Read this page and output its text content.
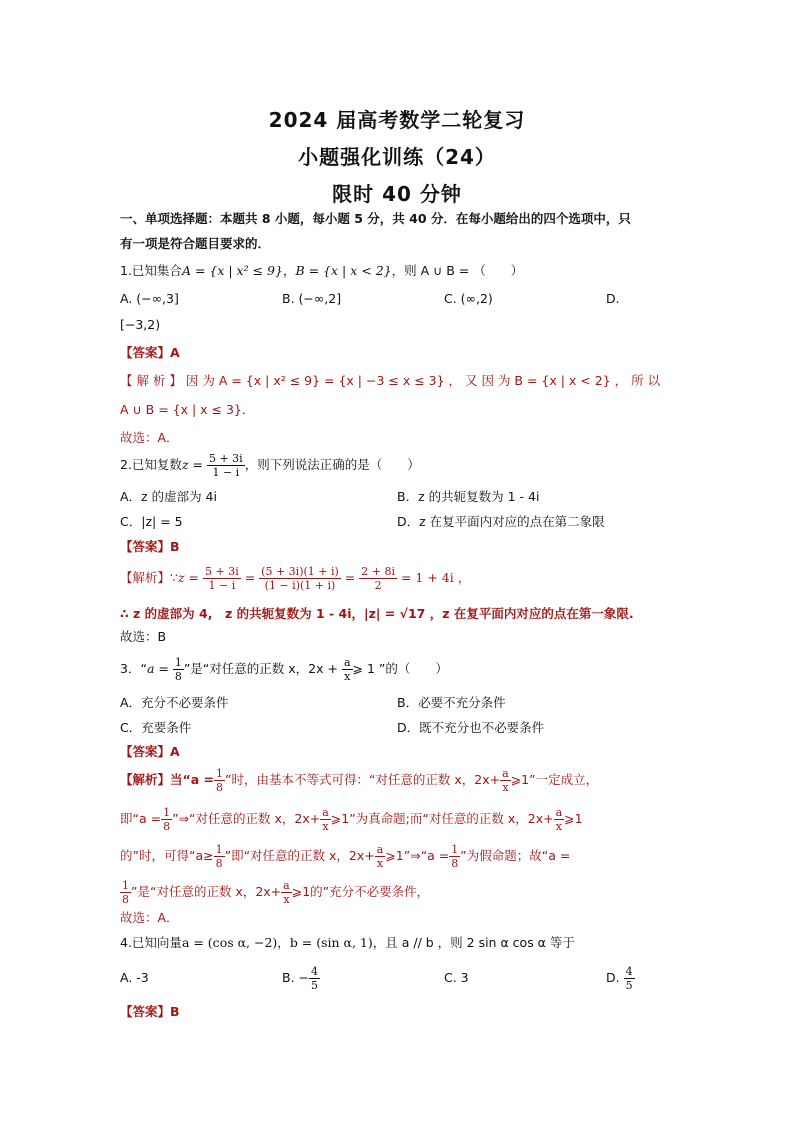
2024 届高考数学二轮复习
小题强化训练（24）
限时 40 分钟
一、单项选择题：本题共 8 小题，每小题 5 分，共 40 分．在每小题给出的四个选项中，只
有一项是符合题目要求的．
1.已知集合A = {x | x² ≤ 9}，B = {x | x < 2}，则 A ∪ B = （　　）
A. (−∞,3]	B. (−∞,2]	C. (∞,2)	D.
[−3,2)
【答案】A
【 解 析 】 因 为 A = {x | x² ≤ 9} = {x | −3 ≤ x ≤ 3} ， 又 因 为 B = {x | x < 2} ， 所 以
A ∪ B = {x | x ≤ 3}．
故选：A．
2.已知复数$z = \frac{5 + 3i}{1 - i}$ ，则下列说法正确的是（　　）
A．z 的虚部为 4i	B．z 的共轭复数为 1 - 4i
C．|z| = 5	D．z 在复平面内对应的点在第二象限
【答案】B
【解析】∵z = $\frac{5 + 3i}{1 - i} = \frac{(5 + 3i)(1 + i)}{(1 - i)(1 + i)} = \frac{2 + 8i}{2} = 1 + 4i$ ，
∴ z 的虚部为 4,　z 的共轭复数为 1 - 4i，|z| = √17 ，z 在复平面内对应的点在第一象限.
故选：B
3．“$a = \frac{1}{8}$ ”是“对任意的正数 x，$2x + \frac{a}{x}$ ⩾ 1 ”的（　　）
A．充分不必要条件	B．必要不充分条件
C．充要条件	D．既不充分也不必要条件
【答案】A
【解析】当“$a = \frac{1}{8}$ ”时，由基本不等式可得：“对任意的正数 x，$2x+ \frac{a}{x}$ ⩾1”一定成立，
即“$a = \frac{1}{8}$ ”⇒“对任意的正数 x，$2x+ \frac{a}{x}$ ⩾1”为真命题;而“对任意的正数 x，$2x+ \frac{a}{x}$ ⩾1
的”时，可得“$a\ge \frac{1}{8}$ ”即“对任意的正数 x，$2x+ \frac{a}{x}$ ⩾1”⇒“a = $\frac{1}{8}$ ”为假命题；故“a =
$\frac{1}{8}$ ”是“对任意的正数 x，$2x+ \frac{a}{x}$ ⩾1的”充分不必要条件，
故选：A．
4.已知向量a = (cos α, −2)，b = (sin α, 1)，且 a // b ，则 2 sin α cos α 等于
A. -3	B. − $\frac{4}{5}$	C. 3	D. $\frac{4}{5}$
【答案】B
